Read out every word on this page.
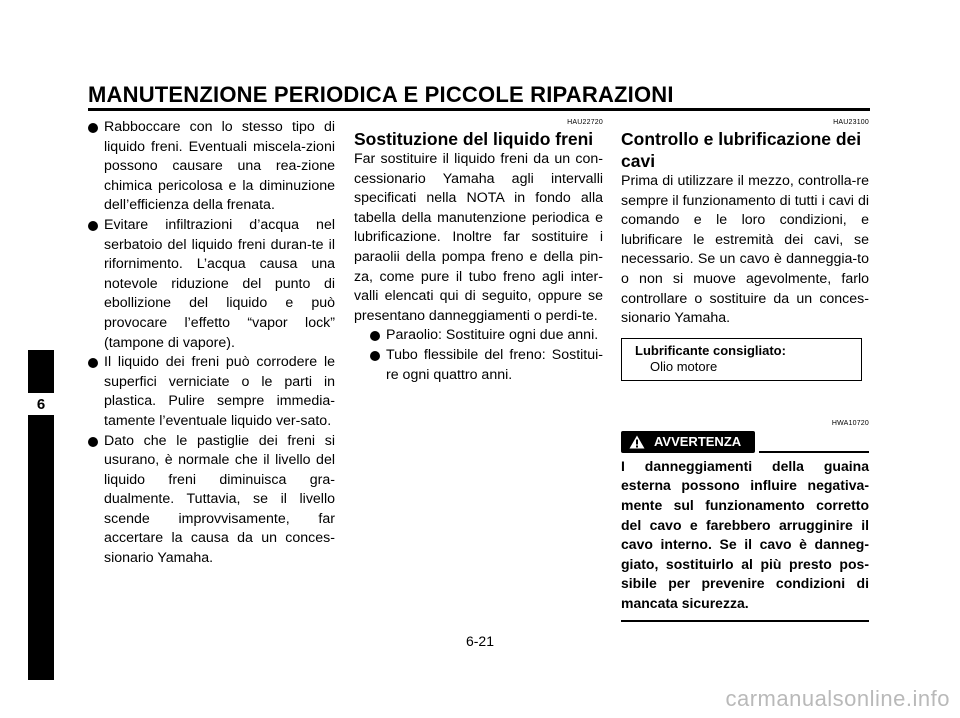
MANUTENZIONE PERIODICA E PICCOLE RIPARAZIONI
6
Rabboccare con lo stesso tipo di liquido freni. Eventuali miscela-zioni possono causare una rea-zione chimica pericolosa e la diminuzione dell’efficienza della frenata.
Evitare infiltrazioni d’acqua nel serbatoio del liquido freni duran-te il rifornimento. L’acqua causa una notevole riduzione del punto di ebollizione del liquido e può provocare l’effetto “vapor lock” (tampone di vapore).
Il liquido dei freni può corrodere le superfici verniciate o le parti in plastica. Pulire sempre immedia-tamente l’eventuale liquido ver-sato.
Dato che le pastiglie dei freni si usurano, è normale che il livello del liquido freni diminuisca gra-dualmente. Tuttavia, se il livello scende improvvisamente, far accertare la causa da un conces-sionario Yamaha.
HAU22720
Sostituzione del liquido freni
Far sostituire il liquido freni da un con-cessionario Yamaha agli intervalli specificati nella NOTA in fondo alla tabella della manutenzione periodica e lubrificazione. Inoltre far sostituire i paraolii della pompa freno e della pin-za, come pure il tubo freno agli inter-valli elencati qui di seguito, oppure se presentano danneggiamenti o perdi-te.
Paraolio: Sostituire ogni due anni.
Tubo flessibile del freno: Sostitui-re ogni quattro anni.
HAU23100
Controllo e lubrificazione dei cavi
Prima di utilizzare il mezzo, controlla-re sempre il funzionamento di tutti i cavi di comando e le loro condizioni, e lubrificare le estremità dei cavi, se necessario. Se un cavo è danneggia-to o non si muove agevolmente, farlo controllare o sostituire da un conces-sionario Yamaha.
Lubrificante consigliato:
Olio motore
HWA10720
AVVERTENZA
I danneggiamenti della guaina esterna possono influire negativa-mente sul funzionamento corretto del cavo e farebbero arrugginire il cavo interno. Se il cavo è danneg-giato, sostituirlo al più presto pos-sibile per prevenire condizioni di mancata sicurezza.
6-21
carmanualsonline.info
